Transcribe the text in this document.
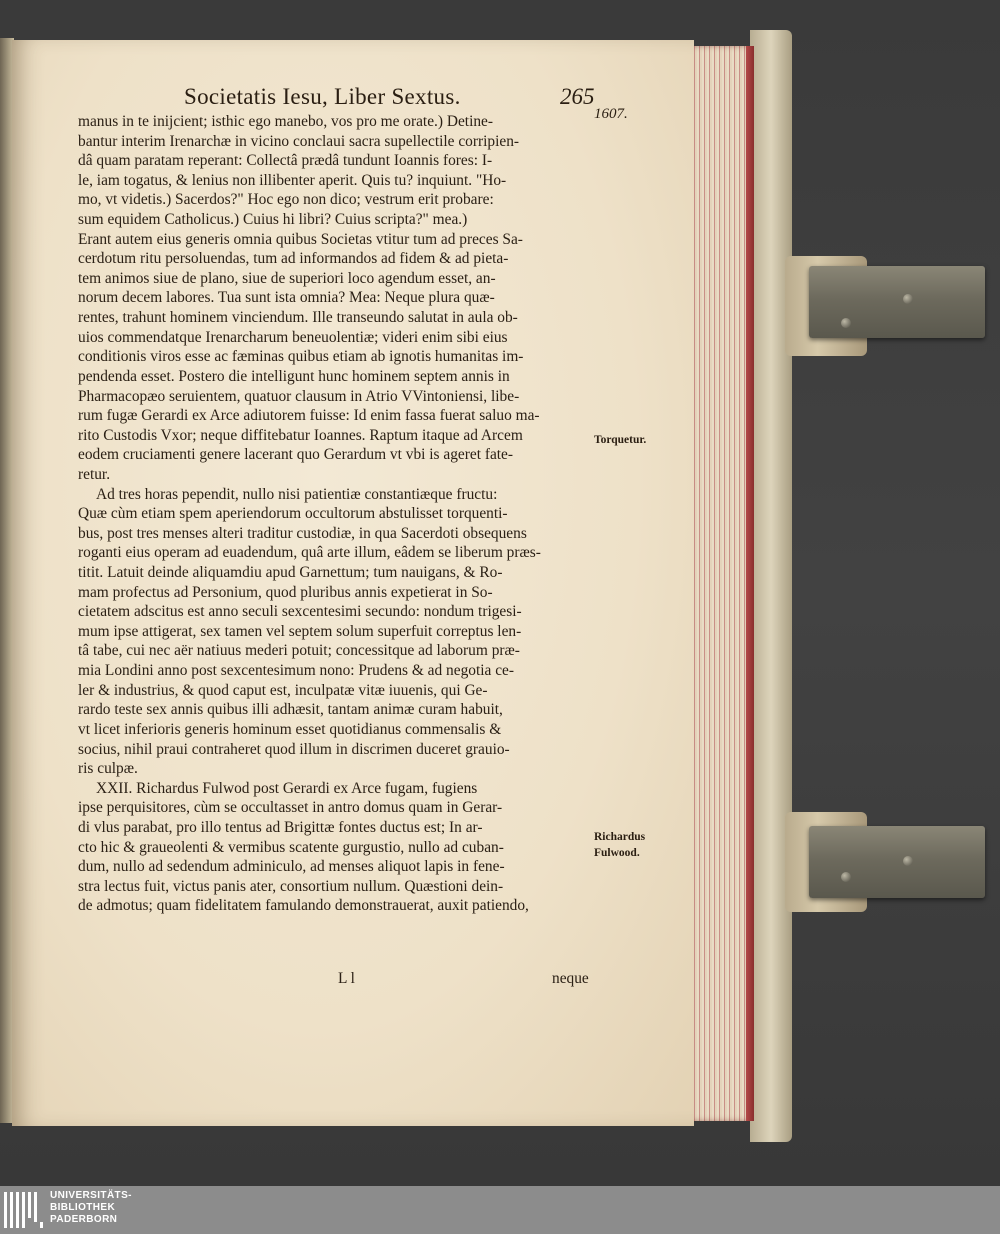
Societatis Iesu, Liber Sextus.	265
1607.
manus in te inijcient; isthic ego manebo, vos pro me orate.) Detine-
bantur interim Irenarchæ in vicino conclaui sacra supellectile corripien-
dâ quam paratam reperant: Collectâ prædâ tundunt Ioannis fores: I-
le, iam togatus, & lenius non illibenter aperit. Quis tu? inquiunt. "Ho-
mo, vt videtis.) Sacerdos?" Hoc ego non dico; vestrum erit probare:
sum equidem Catholicus.) Cuius hi libri? Cuius scripta?" mea.)
Erant autem eius generis omnia quibus Societas vtitur tum ad preces Sa-
cerdotum ritu persoluendas, tum ad informandos ad fidem & ad pieta-
tem animos siue de plano, siue de superiori loco agendum esset, an-
norum decem labores. Tua sunt ista omnia? Mea: Neque plura quæ-
rentes, trahunt hominem vinciendum. Ille transeundo salutat in aula ob-
uios commendatque Irenarcharum beneuolentiæ; videri enim sibi eius
conditionis viros esse ac fæminas quibus etiam ab ignotis humanitas im-
pendenda esset. Postero die intelligunt hunc hominem septem annis in
Pharmacopæo seruientem, quatuor clausum in Atrio VVintoniensi, libe-
rum fugæ Gerardi ex Arce adiutorem fuisse: Id enim fassa fuerat saluo ma-
rito Custodis Vxor; neque diffitebatur Ioannes. Raptum itaque ad Arcem
eodem cruciamenti genere lacerant quo Gerardum vt vbi is ageret fate-
retur.
Ad tres horas pependit, nullo nisi patientiæ constantiæque fructu:
Quæ cùm etiam spem aperiendorum occultorum abstulisset torquenti-
bus, post tres menses alteri traditur custodiæ, in qua Sacerdoti obsequens
roganti eius operam ad euadendum, quâ arte illum, eâdem se liberum præs-
titit. Latuit deinde aliquamdiu apud Garnettum; tum nauigans, & Ro-
mam profectus ad Personium, quod pluribus annis expetierat in So-
cietatem adscitus est anno seculi sexcentesimi secundo: nondum trigesi-
mum ipse attigerat, sex tamen vel septem solum superfuit correptus len-
tâ tabe, cui nec aër natiuus mederi potuit; concessitque ad laborum præ-
mia Londini anno post sexcentesimum nono: Prudens & ad negotia ce-
ler & industrius, & quod caput est, inculpatæ vitæ iuuenis, qui Ge-
rardo teste sex annis quibus illi adhæsit, tantam animæ curam habuit,
vt licet inferioris generis hominum esset quotidianus commensalis &
socius, nihil praui contraheret quod illum in discrimen duceret grauio-
ris culpæ.
XXII. Richardus Fulwod post Gerardi ex Arce fugam, fugiens
ipse perquisitores, cùm se occultasset in antro domus quam in Gerar-
di vlus parabat, pro illo tentus ad Brigittæ fontes ductus est; In ar-
cto hic & graueolenti & vermibus scatente gurgustio, nullo ad cuban-
dum, nullo ad sedendum adminiculo, ad menses aliquot lapis in fene-
stra lectus fuit, victus panis ater, consortium nullum. Quæstioni dein-
de admotus; quam fidelitatem famulando demonstrauerat, auxit patiendo,
Torquetur.
Richardus
Fulwood.
L l	neque
UNIVERSITÄTS-
BIBLIOTHEK
PADERBORN
